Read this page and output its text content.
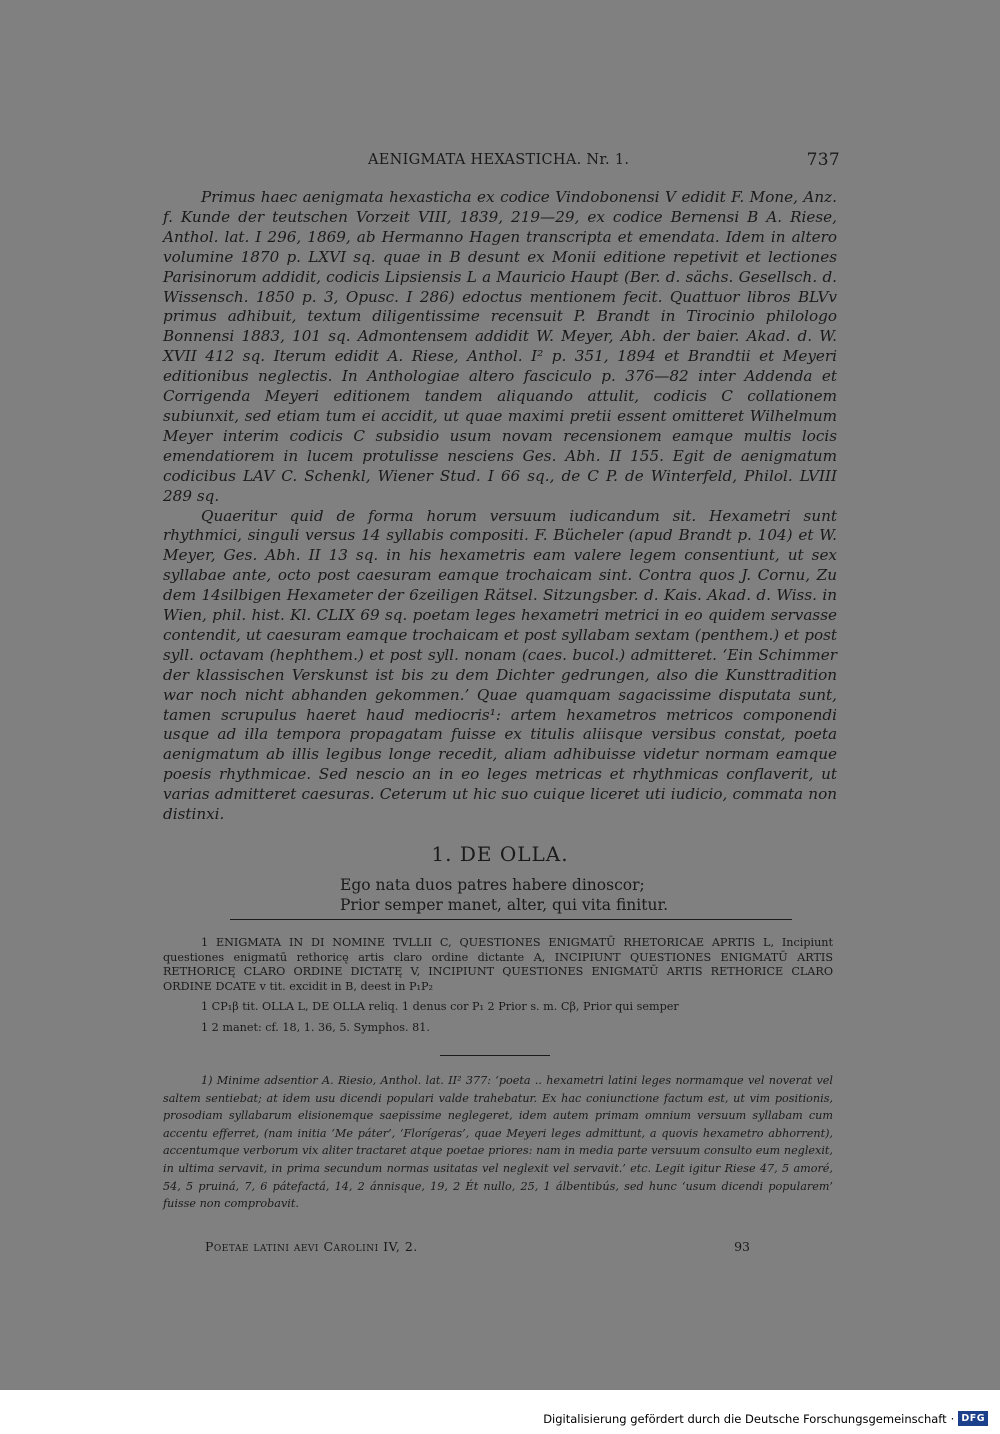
AENIGMATA HEXASTICHA. Nr. 1.	737

Primus haec aenigmata hexasticha ex codice Vindobonensi V edidit F. Mone, Anz. f. Kunde der teutschen Vorzeit VIII, 1839, 219—29, ex codice Bernensi B A. Riese, Anthol. lat. I 296, 1869, ab Hermanno Hagen transcripta et emendata. Idem in altero volumine 1870 p. LXVI sq. quae in B desunt ex Monii editione repetivit et lectiones Parisinorum addidit, codicis Lipsiensis L a Mauricio Haupt (Ber. d. sächs. Gesellsch. d. Wissensch. 1850 p. 3, Opusc. I 286) edoctus mentionem fecit. Quattuor libros BLVv primus adhibuit, textum diligentissime recensuit P. Brandt in Tirocinio philologo Bonnensi 1883, 101 sq. Admontensem addidit W. Meyer, Abh. der baier. Akad. d. W. XVII 412 sq. Iterum edidit A. Riese, Anthol. I² p. 351, 1894 et Brandtii et Meyeri editionibus neglectis. In Anthologiae altero fasciculo p. 376—82 inter Addenda et Corrigenda Meyeri editionem tandem aliquando attulit, codicis C collationem subiunxit, sed etiam tum ei accidit, ut quae maximi pretii essent omitteret Wilhelmum Meyer interim codicis C subsidio usum novam recensionem eamque multis locis emendatiorem in lucem protulisse nesciens Ges. Abh. II 155. Egit de aenigmatum codicibus LAV C. Schenkl, Wiener Stud. I 66 sq., de C P. de Winterfeld, Philol. LVIII 289 sq.

Quaeritur quid de forma horum versuum iudicandum sit. Hexametri sunt rhythmici, singuli versus 14 syllabis compositi. F. Bücheler (apud Brandt p. 104) et W. Meyer, Ges. Abh. II 13 sq. in his hexametris eam valere legem consentiunt, ut sex syllabae ante, octo post caesuram eamque trochaicam sint. Contra quos J. Cornu, Zu dem 14silbigen Hexameter der 6zeiligen Rätsel. Sitzungsber. d. Kais. Akad. d. Wiss. in Wien, phil. hist. Kl. CLIX 69 sq. poetam leges hexametri metrici in eo quidem servasse contendit, ut caesuram eamque trochaicam et post syllabam sextam (penthem.) et post syll. octavam (hephthem.) et post syll. nonam (caes. bucol.) admitteret. ‘Ein Schimmer der klassischen Verskunst ist bis zu dem Dichter gedrungen, also die Kunsttradition war noch nicht abhanden gekommen.’ Quae quamquam sagacissime disputata sunt, tamen scrupulus haeret haud mediocris¹: artem hexametros metricos componendi usque ad illa tempora propagatam fuisse ex titulis aliisque versibus constat, poeta aenigmatum ab illis legibus longe recedit, aliam adhibuisse videtur normam eamque poesis rhythmicae. Sed nescio an in eo leges metricas et rhythmicas conflaverit, ut varias admitteret caesuras. Ceterum ut hic suo cuique liceret uti iudicio, commata non distinxi.

1. DE OLLA.
Ego nata duos patres habere dinoscor;
Prior semper manet, alter, qui vita finitur.

1 ENIGMATA IN DI NOMINE TVLLII C, QUESTIONES ENIGMATŪ RHETORICAE APRTIS L, Incipiunt questiones enigmatū rethoricę artis claro ordine dictante A, INCIPIUNT QUESTIONES ENIGMATŪ ARTIS RETHORICĘ CLARO ORDINE DICTATĘ V, INCIPIUNT QUESTIONES ENIGMATŪ ARTIS RETHORICE CLARO ORDINE DCATE v tit. excidit in B, deest in P₁P₂

1 CP₁β tit. OLLA L, DE OLLA reliq. 1 denus cor P₁ 2 Prior s. m. Cβ, Prior qui semper

1 2 manet: cf. 18, 1. 36, 5. Symphos. 81.

1) Minime adsentior A. Riesio, Anthol. lat. II² 377: ‘poeta .. hexametri latini leges normamque vel noverat vel saltem sentiebat; at idem usu dicendi populari valde trahebatur. Ex hac coniunctione factum est, ut vim positionis, prosodiam syllabarum elisionemque saepissime neglegeret, idem autem primam omnium versuum syllabam cum accentu efferret, (nam initia ‘Me páter’, ‘Florígeras’, quae Meyeri leges admittunt, a quovis hexametro abhorrent), accentumque verborum vix aliter tractaret atque poetae priores: nam in media parte versuum consulto eum neglexit, in ultima servavit, in prima secundum normas usitatas vel neglexit vel servavit.’ etc. Legit igitur Riese 47, 5 amoré, 54, 5 pruiná, 7, 6 pátefactá, 14, 2 ánnisque, 19, 2 Ét nullo, 25, 1 álbentibús, sed hunc ‘usum dicendi popularem’ fuisse non comprobavit.

Poetae latini aevi Carolini IV, 2.	93
Digitalisierung gefördert durch die Deutsche Forschungsgemeinschaft · DFG
